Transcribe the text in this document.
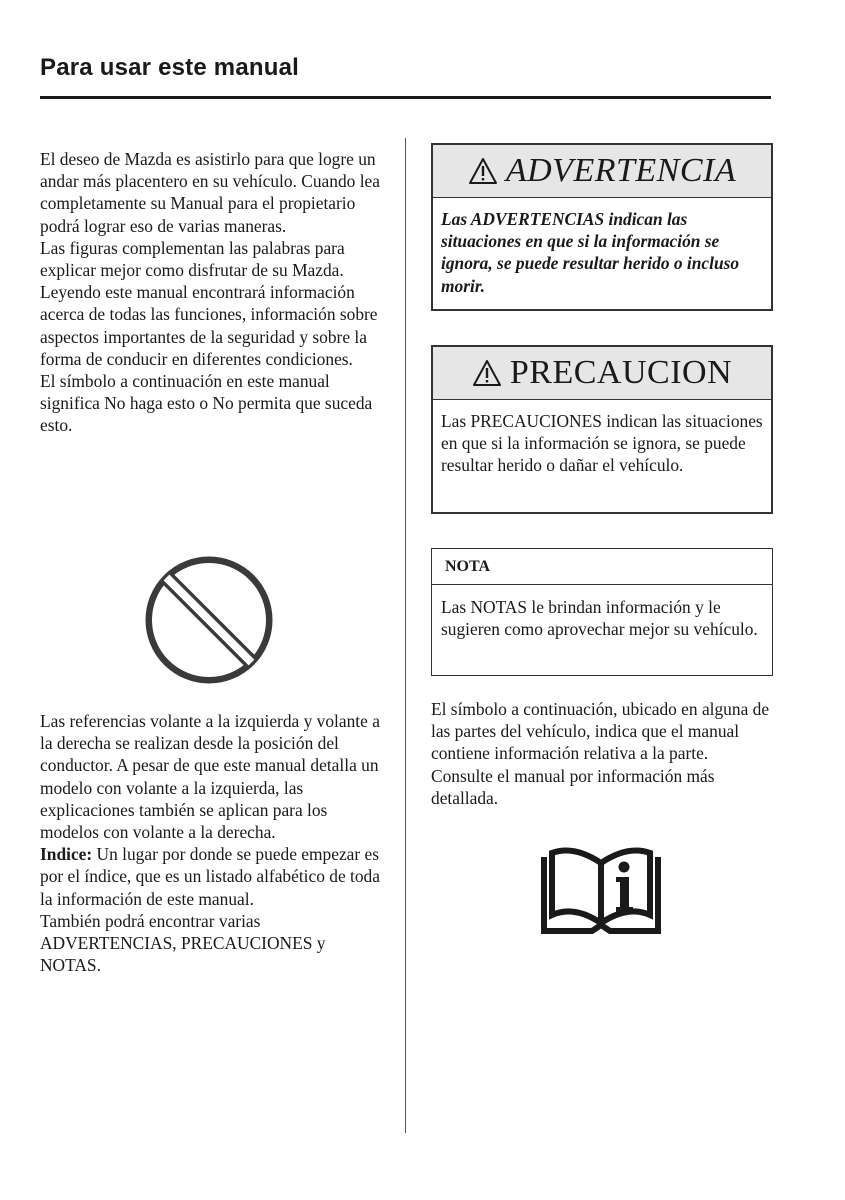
Para usar este manual

El deseo de Mazda es asistirlo para que logre un andar más placentero en su vehículo. Cuando lea completamente su Manual para el propietario podrá lograr eso de varias maneras.

Las figuras complementan las palabras para explicar mejor como disfrutar de su Mazda. Leyendo este manual encontrará información acerca de todas las funciones, información sobre aspectos importantes de la seguridad y sobre la forma de conducir en diferentes condiciones.

El símbolo a continuación en este manual significa No haga esto o No permita que suceda esto.

Las referencias volante a la izquierda y volante a la derecha se realizan desde la posición del conductor. A pesar de que este manual detalla un modelo con volante a la izquierda, las explicaciones también se aplican para los modelos con volante a la derecha.

Indice: Un lugar por donde se puede empezar es por el índice, que es un listado alfabético de toda la información de este manual.

También podrá encontrar varias ADVERTENCIAS, PRECAUCIONES y NOTAS.

ADVERTENCIA

Las ADVERTENCIAS indican las situaciones en que si la información se ignora, se puede resultar herido o incluso morir.

PRECAUCION

Las PRECAUCIONES indican las situaciones en que si la información se ignora, se puede resultar herido o dañar el vehículo.

NOTA

Las NOTAS le brindan información y le sugieren como aprovechar mejor su vehículo.

El símbolo a continuación, ubicado en alguna de las partes del vehículo, indica que el manual contiene información relativa a la parte.

Consulte el manual por información más detallada.
